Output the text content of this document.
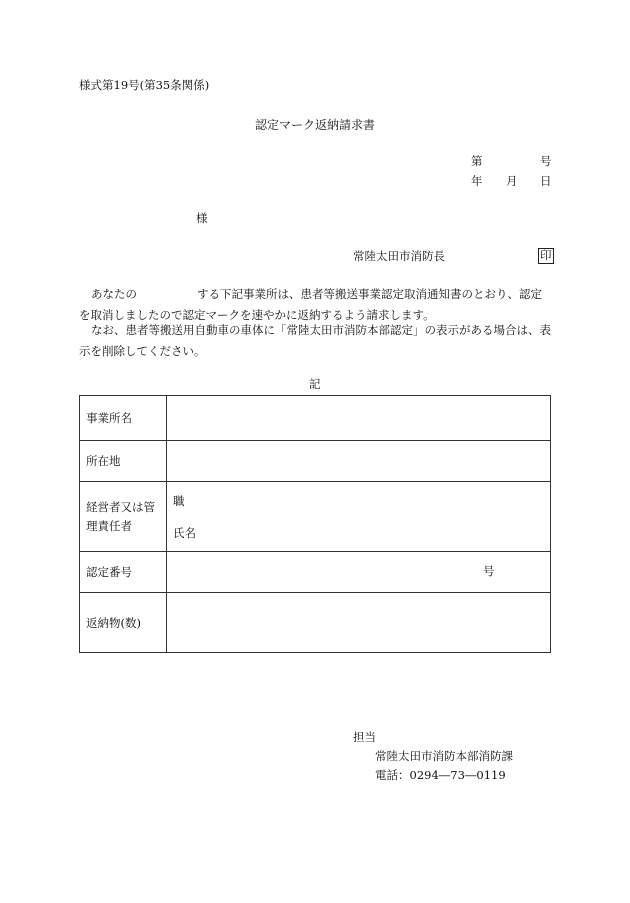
様式第19号(第35条関係)
認定マーク返納請求書
第	号
年 月 日
様
常陸太田市消防長	印
あなたの	する下記事業所は、患者等搬送事業認定取消通知書のとおり、認定を取消しましたので認定マークを速やかに返納するよう請求します。
なお、患者等搬送用自動車の車体に「常陸太田市消防本部認定」の表示がある場合は、表示を削除してください。
記
事業所名	
所在地	

経営者又は管理責任者	職
氏名

認定番号	号

返納物(数)	
担当
常陸太田市消防本部消防課
電話：0294―73―0119
